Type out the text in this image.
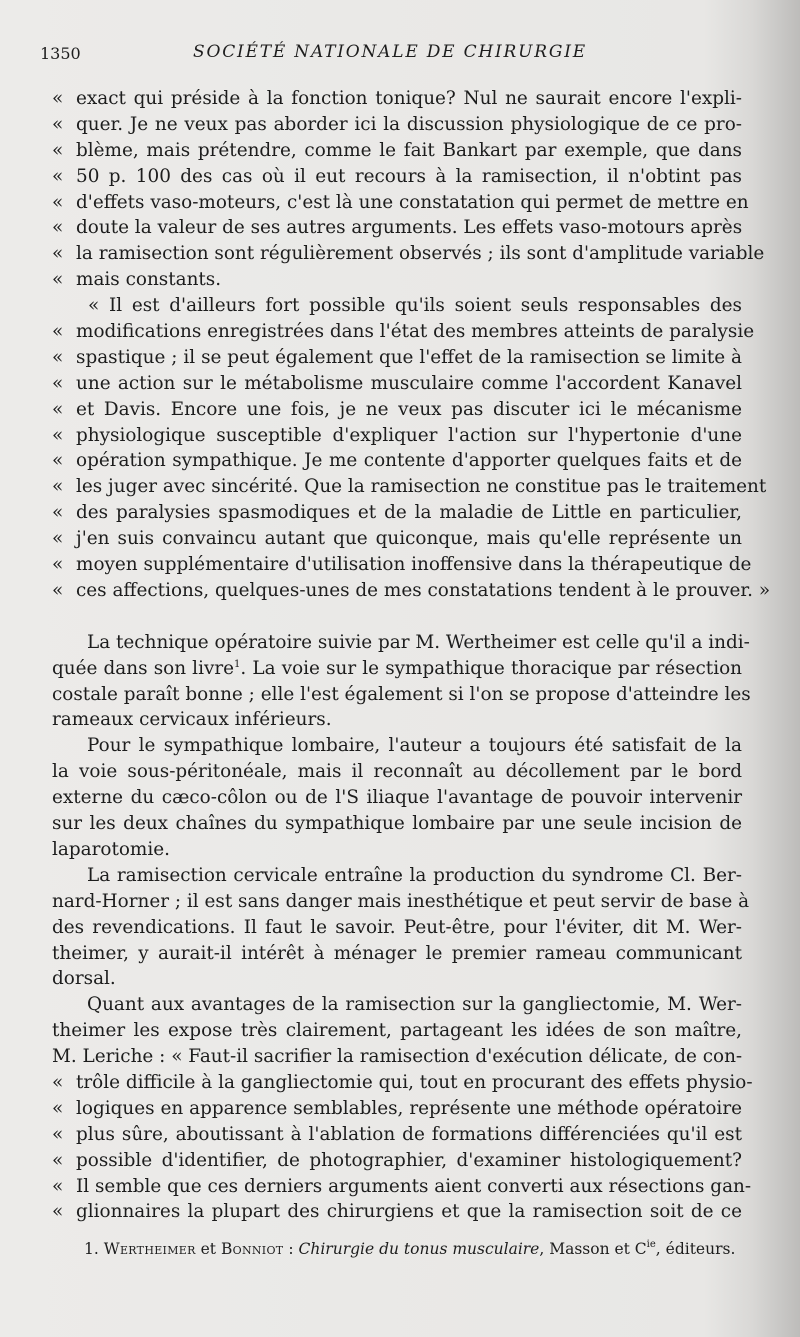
1350	SOCIÉTÉ NATIONALE DE CHIRURGIE
« exact qui préside à la fonction tonique? Nul ne saurait encore l'expli-
« quer. Je ne veux pas aborder ici la discussion physiologique de ce pro-
« blème, mais prétendre, comme le fait Bankart par exemple, que dans
« 50 p. 100 des cas où il eut recours à la ramisection, il n'obtint pas
« d'effets vaso-moteurs, c'est là une constatation qui permet de mettre en
« doute la valeur de ses autres arguments. Les effets vaso-motours après
« la ramisection sont régulièrement observés ; ils sont d'amplitude variable
« mais constants.
« Il est d'ailleurs fort possible qu'ils soient seuls responsables des
« modifications enregistrées dans l'état des membres atteints de paralysie
« spastique ; il se peut également que l'effet de la ramisection se limite à
« une action sur le métabolisme musculaire comme l'accordent Kanavel
« et Davis. Encore une fois, je ne veux pas discuter ici le mécanisme
« physiologique susceptible d'expliquer l'action sur l'hypertonie d'une
« opération sympathique. Je me contente d'apporter quelques faits et de
« les juger avec sincérité. Que la ramisection ne constitue pas le traitement
« des paralysies spasmodiques et de la maladie de Little en particulier,
« j'en suis convaincu autant que quiconque, mais qu'elle représente un
« moyen supplémentaire d'utilisation inoffensive dans la thérapeutique de
« ces affections, quelques-unes de mes constatations tendent à le prouver. »
La technique opératoire suivie par M. Wertheimer est celle qu'il a indi-
quée dans son livre$^1$. La voie sur le sympathique thoracique par résection
costale paraît bonne ; elle l'est également si l'on se propose d'atteindre les
rameaux cervicaux inférieurs.
Pour le sympathique lombaire, l'auteur a toujours été satisfait de la
la voie sous-péritonéale, mais il reconnaît au décollement par le bord
externe du cæco-côlon ou de l'S iliaque l'avantage de pouvoir intervenir
sur les deux chaînes du sympathique lombaire par une seule incision de
laparotomie.
La ramisection cervicale entraîne la production du syndrome Cl. Ber-
nard-Horner ; il est sans danger mais inesthétique et peut servir de base à
des revendications. Il faut le savoir. Peut-être, pour l'éviter, dit M. Wer-
theimer, y aurait-il intérêt à ménager le premier rameau communicant
dorsal.
Quant aux avantages de la ramisection sur la gangliectomie, M. Wer-
theimer les expose très clairement, partageant les idées de son maître,
M. Leriche : « Faut-il sacrifier la ramisection d'exécution délicate, de con-
« trôle difficile à la gangliectomie qui, tout en procurant des effets physio-
« logiques en apparence semblables, représente une méthode opératoire
« plus sûre, aboutissant à l'ablation de formations différenciées qu'il est
« possible d'identifier, de photographier, d'examiner histologiquement?
« Il semble que ces derniers arguments aient converti aux résections gan-
« glionnaires la plupart des chirurgiens et que la ramisection soit de ce
1. Wertheimer et Bonniot : Chirurgie du tonus musculaire, Masson et $C^{ie}$, éditeurs.
